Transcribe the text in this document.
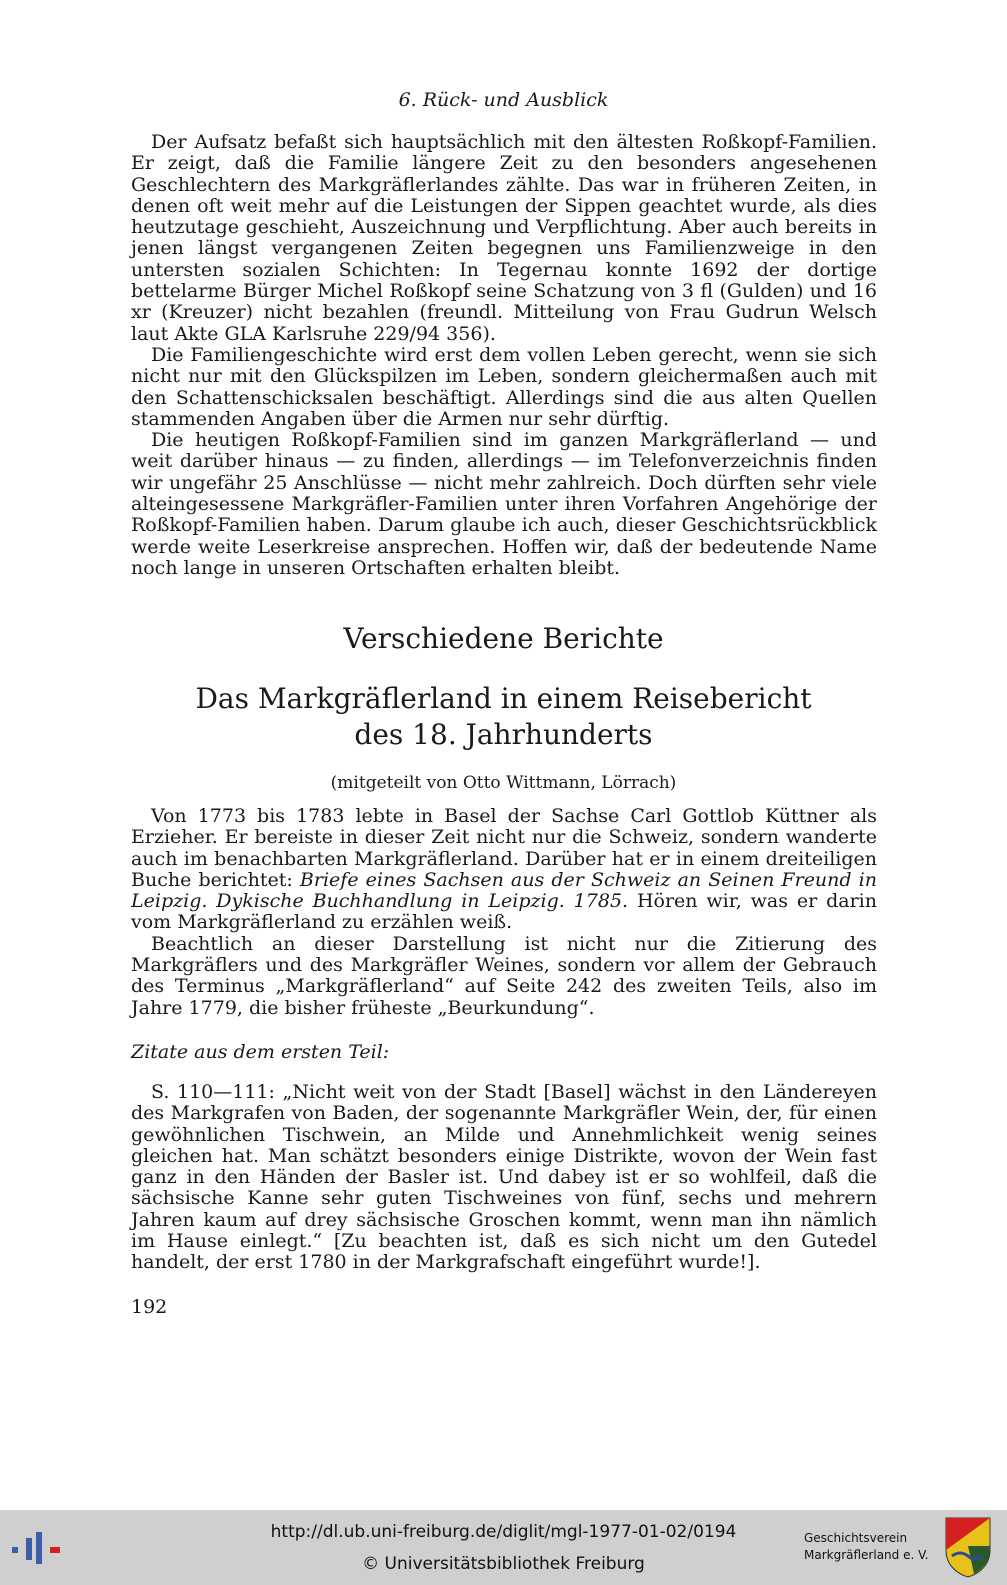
6. Rück- und Ausblick

Der Aufsatz befaßt sich hauptsächlich mit den ältesten Roßkopf-Familien. Er zeigt, daß die Familie längere Zeit zu den besonders angesehenen Geschlechtern des Markgräflerlandes zählte. Das war in früheren Zeiten, in denen oft weit mehr auf die Leistungen der Sippen geachtet wurde, als dies heutzutage geschieht, Auszeichnung und Verpflichtung. Aber auch bereits in jenen längst vergangenen Zeiten begegnen uns Familienzweige in den untersten sozialen Schichten: In Tegernau konnte 1692 der dortige bettelarme Bürger Michel Roßkopf seine Schatzung von 3 fl (Gulden) und 16 xr (Kreuzer) nicht bezahlen (freundl. Mitteilung von Frau Gudrun Welsch laut Akte GLA Karlsruhe 229/94 356).

Die Familiengeschichte wird erst dem vollen Leben gerecht, wenn sie sich nicht nur mit den Glückspilzen im Leben, sondern gleichermaßen auch mit den Schattenschicksalen beschäftigt. Allerdings sind die aus alten Quellen stammenden Angaben über die Armen nur sehr dürftig.

Die heutigen Roßkopf-Familien sind im ganzen Markgräflerland — und weit darüber hinaus — zu finden, allerdings — im Telefonverzeichnis finden wir ungefähr 25 Anschlüsse — nicht mehr zahlreich. Doch dürften sehr viele alteingesessene Markgräfler-Familien unter ihren Vorfahren Angehörige der Roßkopf-Familien haben. Darum glaube ich auch, dieser Geschichtsrückblick werde weite Leserkreise ansprechen. Hoffen wir, daß der bedeutende Name noch lange in unseren Ortschaften erhalten bleibt.

Verschiedene Berichte
Das Markgräflerland in einem Reisebericht
des 18. Jahrhunderts
(mitgeteilt von Otto Wittmann, Lörrach)

Von 1773 bis 1783 lebte in Basel der Sachse Carl Gottlob Küttner als Erzieher. Er bereiste in dieser Zeit nicht nur die Schweiz, sondern wanderte auch im benachbarten Markgräflerland. Darüber hat er in einem dreiteiligen Buche berichtet: Briefe eines Sachsen aus der Schweiz an Seinen Freund in Leipzig. Dykische Buchhandlung in Leipzig. 1785. Hören wir, was er darin vom Markgräflerland zu erzählen weiß.

Beachtlich an dieser Darstellung ist nicht nur die Zitierung des Markgräflers und des Markgräfler Weines, sondern vor allem der Gebrauch des Terminus „Markgräflerland“ auf Seite 242 des zweiten Teils, also im Jahre 1779, die bisher früheste „Beurkundung“.

Zitate aus dem ersten Teil:

S. 110—111: „Nicht weit von der Stadt [Basel] wächst in den Ländereyen des Markgrafen von Baden, der sogenannte Markgräfler Wein, der, für einen gewöhnlichen Tischwein, an Milde und Annehmlichkeit wenig seines gleichen hat. Man schätzt besonders einige Distrikte, wovon der Wein fast ganz in den Händen der Basler ist. Und dabey ist er so wohlfeil, daß die sächsische Kanne sehr guten Tischweines von fünf, sechs und mehrern Jahren kaum auf drey sächsische Groschen kommt, wenn man ihn nämlich im Hause einlegt.“ [Zu beachten ist, daß es sich nicht um den Gutedel handelt, der erst 1780 in der Markgrafschaft eingeführt wurde!].

192
http://dl.ub.uni-freiburg.de/diglit/mgl-1977-01-02/0194
© Universitätsbibliothek Freiburg
Geschichtsverein
Markgräflerland e. V.
